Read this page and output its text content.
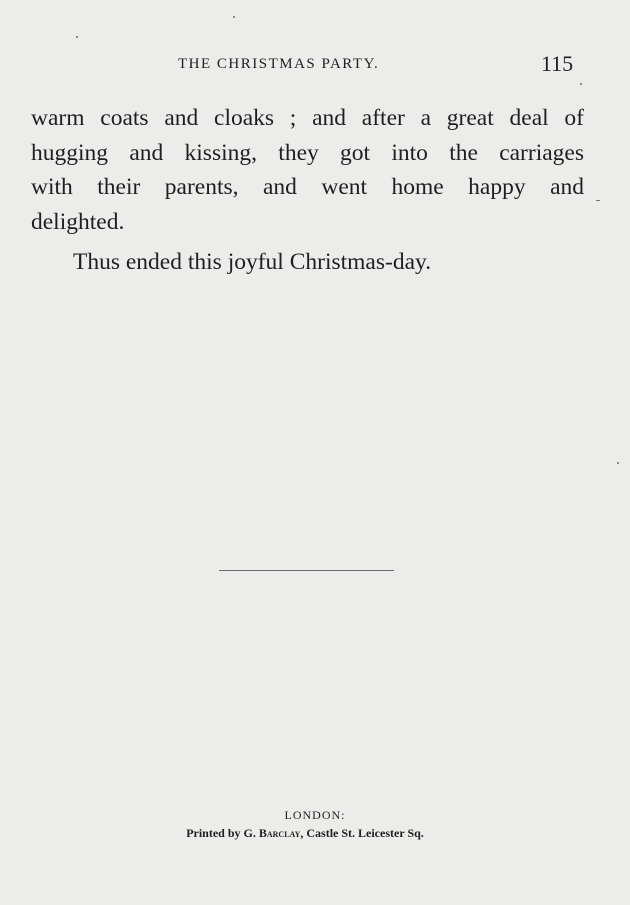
THE CHRISTMAS PARTY.	115
warm coats and cloaks ; and after a great deal of
hugging and kissing, they got into the carriages
with their parents, and went home happy and
delighted.
Thus ended this joyful Christmas-day.
LONDON:
Printed by G. Barclay, Castle St. Leicester Sq.
